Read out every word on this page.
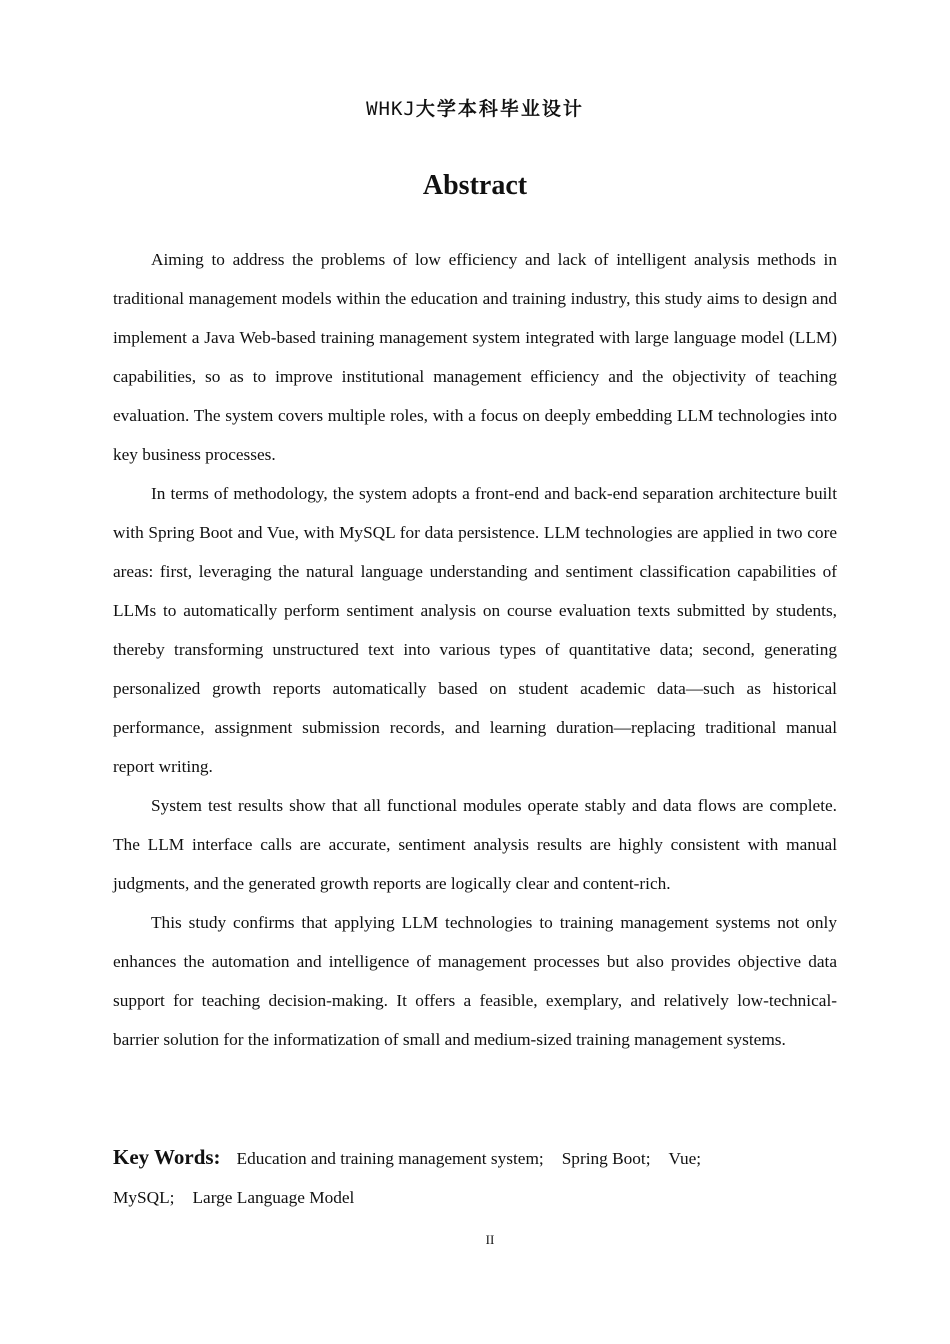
WHKJ大学本科毕业设计
Abstract

Aiming to address the problems of low efficiency and lack of intelligent analysis methods in traditional management models within the education and training industry, this study aims to design and implement a Java Web-based training management system integrated with large language model (LLM) capabilities, so as to improve institutional management efficiency and the objectivity of teaching evaluation. The system covers multiple roles, with a focus on deeply embedding LLM technologies into key business processes.

In terms of methodology, the system adopts a front-end and back-end separation architecture built with Spring Boot and Vue, with MySQL for data persistence. LLM technologies are applied in two core areas: first, leveraging the natural language understanding and sentiment classification capabilities of LLMs to automatically perform sentiment analysis on course evaluation texts submitted by students, thereby transforming unstructured text into various types of quantitative data; second, generating personalized growth reports automatically based on student academic data—such as historical performance, assignment submission records, and learning duration—replacing traditional manual report writing.

System test results show that all functional modules operate stably and data flows are complete. The LLM interface calls are accurate, sentiment analysis results are highly consistent with manual judgments, and the generated growth reports are logically clear and content-rich.

This study confirms that applying LLM technologies to training management systems not only enhances the automation and intelligence of management processes but also provides objective data support for teaching decision-making. It offers a feasible, exemplary, and relatively low-technical-barrier solution for the informatization of small and medium-sized training management systems.

Key Words: Education and training management system; Spring Boot; Vue;
MySQL; Large Language Model
II
